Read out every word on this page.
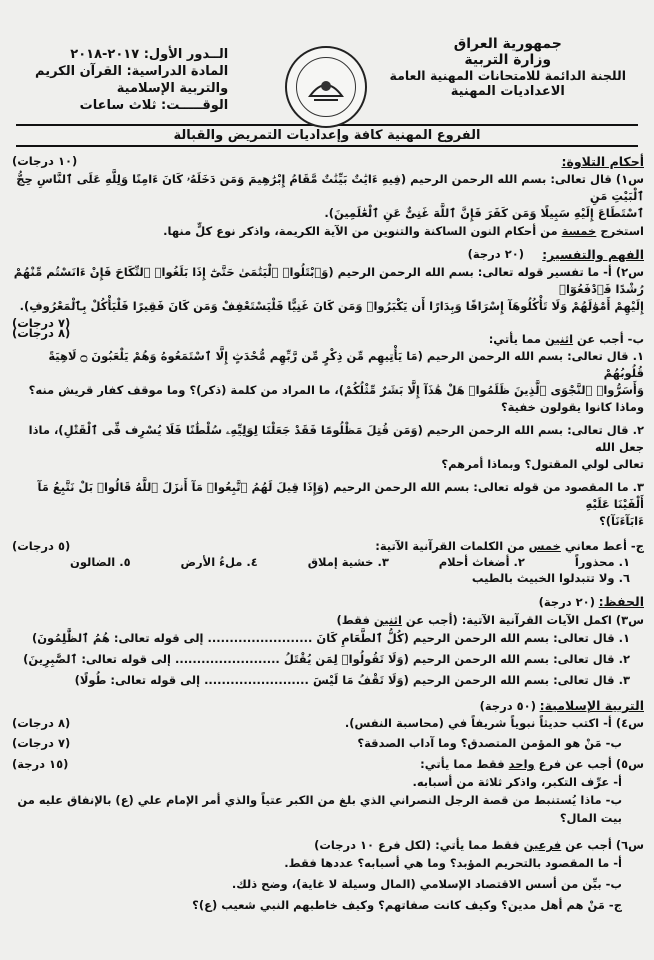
جمهورية العراق
وزارة التربية
اللجنة الدائمة للامتحانات المهنية العامة
الاعداديات المهنية
الــدور الأول: ٢٠١٧-٢٠١٨
المادة الدراسية: القرآن الكريم
والتربية الإسلامية
الوقـــــت: ثلاث ساعات
الفروع المهنية كافة وإعداديات التمريض والقبالة
أحكام التلاوة:
(١٠ درجات)
س١) قال تعالى: بسم الله الرحمن الرحيم (فِيهِ ءَايَٰتٌ بَيِّنَٰتٌ مَّقَامُ إِبْرَٰهِيمَ وَمَن دَخَلَهُۥ كَانَ ءَامِنًا وَلِلَّهِ عَلَى ٱلنَّاسِ حِجُّ ٱلْبَيْتِ مَنِ
ٱسْتَطَاعَ إِلَيْهِ سَبِيلًا وَمَن كَفَرَ فَإِنَّ ٱللَّهَ غَنِىٌّ عَنِ ٱلْعَٰلَمِينَ).
استخرج خمسة من أحكام النون الساكنة والتنوين من الآية الكريمة، واذكر نوع كلٍّ منها.
الفهم والتفسير:
(٢٠ درجة)
س٢) أ- ما تفسير قوله تعالى: بسم الله الرحمن الرحيم (وَٱبْتَلُوا۟ ٱلْيَتَٰمَىٰ حَتَّىٰٓ إِذَا بَلَغُوا۟ ٱلنِّكَاحَ فَإِنْ ءَانَسْتُم مِّنْهُمْ رُشْدًا فَٱدْفَعُوٓا۟
إِلَيْهِمْ أَمْوَٰلَهُمْ وَلَا تَأْكُلُوهَآ إِسْرَافًا وَبِدَارًا أَن يَكْبَرُوا۟ وَمَن كَانَ غَنِيًّا فَلْيَسْتَعْفِفْ وَمَن كَانَ فَقِيرًا فَلْيَأْكُلْ بِٱلْمَعْرُوفِ).
(٧ درجات)
ب- أجب عن اثنين مما يأتي:
(٨ درجات)
١. قال تعالى: بسم الله الرحمن الرحيم (مَا يَأْتِيهِم مِّن ذِكْرٍ مِّن رَّبِّهِم مُّحْدَثٍ إِلَّا ٱسْتَمَعُوهُ وَهُمْ يَلْعَبُونَ ۝ لَاهِيَةً قُلُوبُهُمْ
وَأَسَرُّوا۟ ٱلنَّجْوَى ٱلَّذِينَ ظَلَمُوا۟ هَلْ هَٰذَآ إِلَّا بَشَرٌ مِّثْلُكُمْ)، ما المراد من كلمة (ذكر)؟ وما موقف كفار قريش منه؟
وماذا كانوا يقولون خفية؟
٢. قال تعالى: بسم الله الرحمن الرحيم (وَمَن قُتِلَ مَظْلُومًا فَقَدْ جَعَلْنَا لِوَلِيِّهِۦ سُلْطَٰنًا فَلَا يُسْرِف فِّى ٱلْقَتْلِ)، ماذا جعل الله
تعالى لولي المقتول؟ وبماذا أمرهم؟
٣. ما المقصود من قوله تعالى: بسم الله الرحمن الرحيم (وَإِذَا قِيلَ لَهُمُ ٱتَّبِعُوا۟ مَآ أَنزَلَ ٱللَّهُ قَالُوا۟ بَلْ نَتَّبِعُ مَآ أَلْفَيْنَا عَلَيْهِ
ءَابَآءَنَآ)؟
ج- أعط معاني خمس من الكلمات القرآنية الآتية:
(٥ درجات)
١. محذوراً
٢. أضغاث أحلام
٣. خشية إملاق
٤. ملءُ الأرض
٥. الضالون
٦. ولا تتبدلوا الخبيث بالطيب
الحفظ: (٢٠ درجة)
س٣) اكمل الآيات القرآنية الآتية: (أجب عن اثنين فقط)
١. قال تعالى: بسم الله الرحمن الرحيم (كُلُّ ٱلطَّعَامِ كَانَ ........................ إلى قوله تعالى: هُمُ ٱلظَّٰلِمُونَ)
٢. قال تعالى: بسم الله الرحمن الرحيم (وَلَا تَقُولُوا۟ لِمَن يُقْتَلُ ........................ إلى قوله تعالى: ٱلصَّٰبِرِينَ)
٣. قال تعالى: بسم الله الرحمن الرحيم (وَلَا تَقْفُ مَا لَيْسَ ........................ إلى قوله تعالى: طُولًا)
التربية الإسلامية: (٥٠ درجة)
س٤) أ- اكتب حديثاً نبوياً شريفاً في (محاسبة النفس).
(٨ درجات)
ب- مَنْ هو المؤمن المتصدق؟ وما آداب الصدقة؟
(٧ درجات)
س٥) أجب عن فرع واحد فقط مما يأتي:
(١٥ درجة)
أ- عرِّف التكبر، واذكر ثلاثة من أسبابه.
ب- ماذا يُستنبط من قصة الرجل النصراني الذي بلغ من الكبر عتياً والذي أمر الإمام علي (ع) بالإنفاق عليه من
بيت المال؟
س٦) أجب عن فرعين فقط مما يأتي: (لكل فرع ١٠ درجات)
أ- ما المقصود بالتحريم المؤبد؟ وما هي أسبابه؟ عددها فقط.
ب- بيِّن من أسس الاقتصاد الإسلامي (المال وسيلة لا غاية)، وضح ذلك.
ج- مَنْ هم أهل مدين؟ وكيف كانت صفاتهم؟ وكيف خاطبهم النبي شعيب (ع)؟
